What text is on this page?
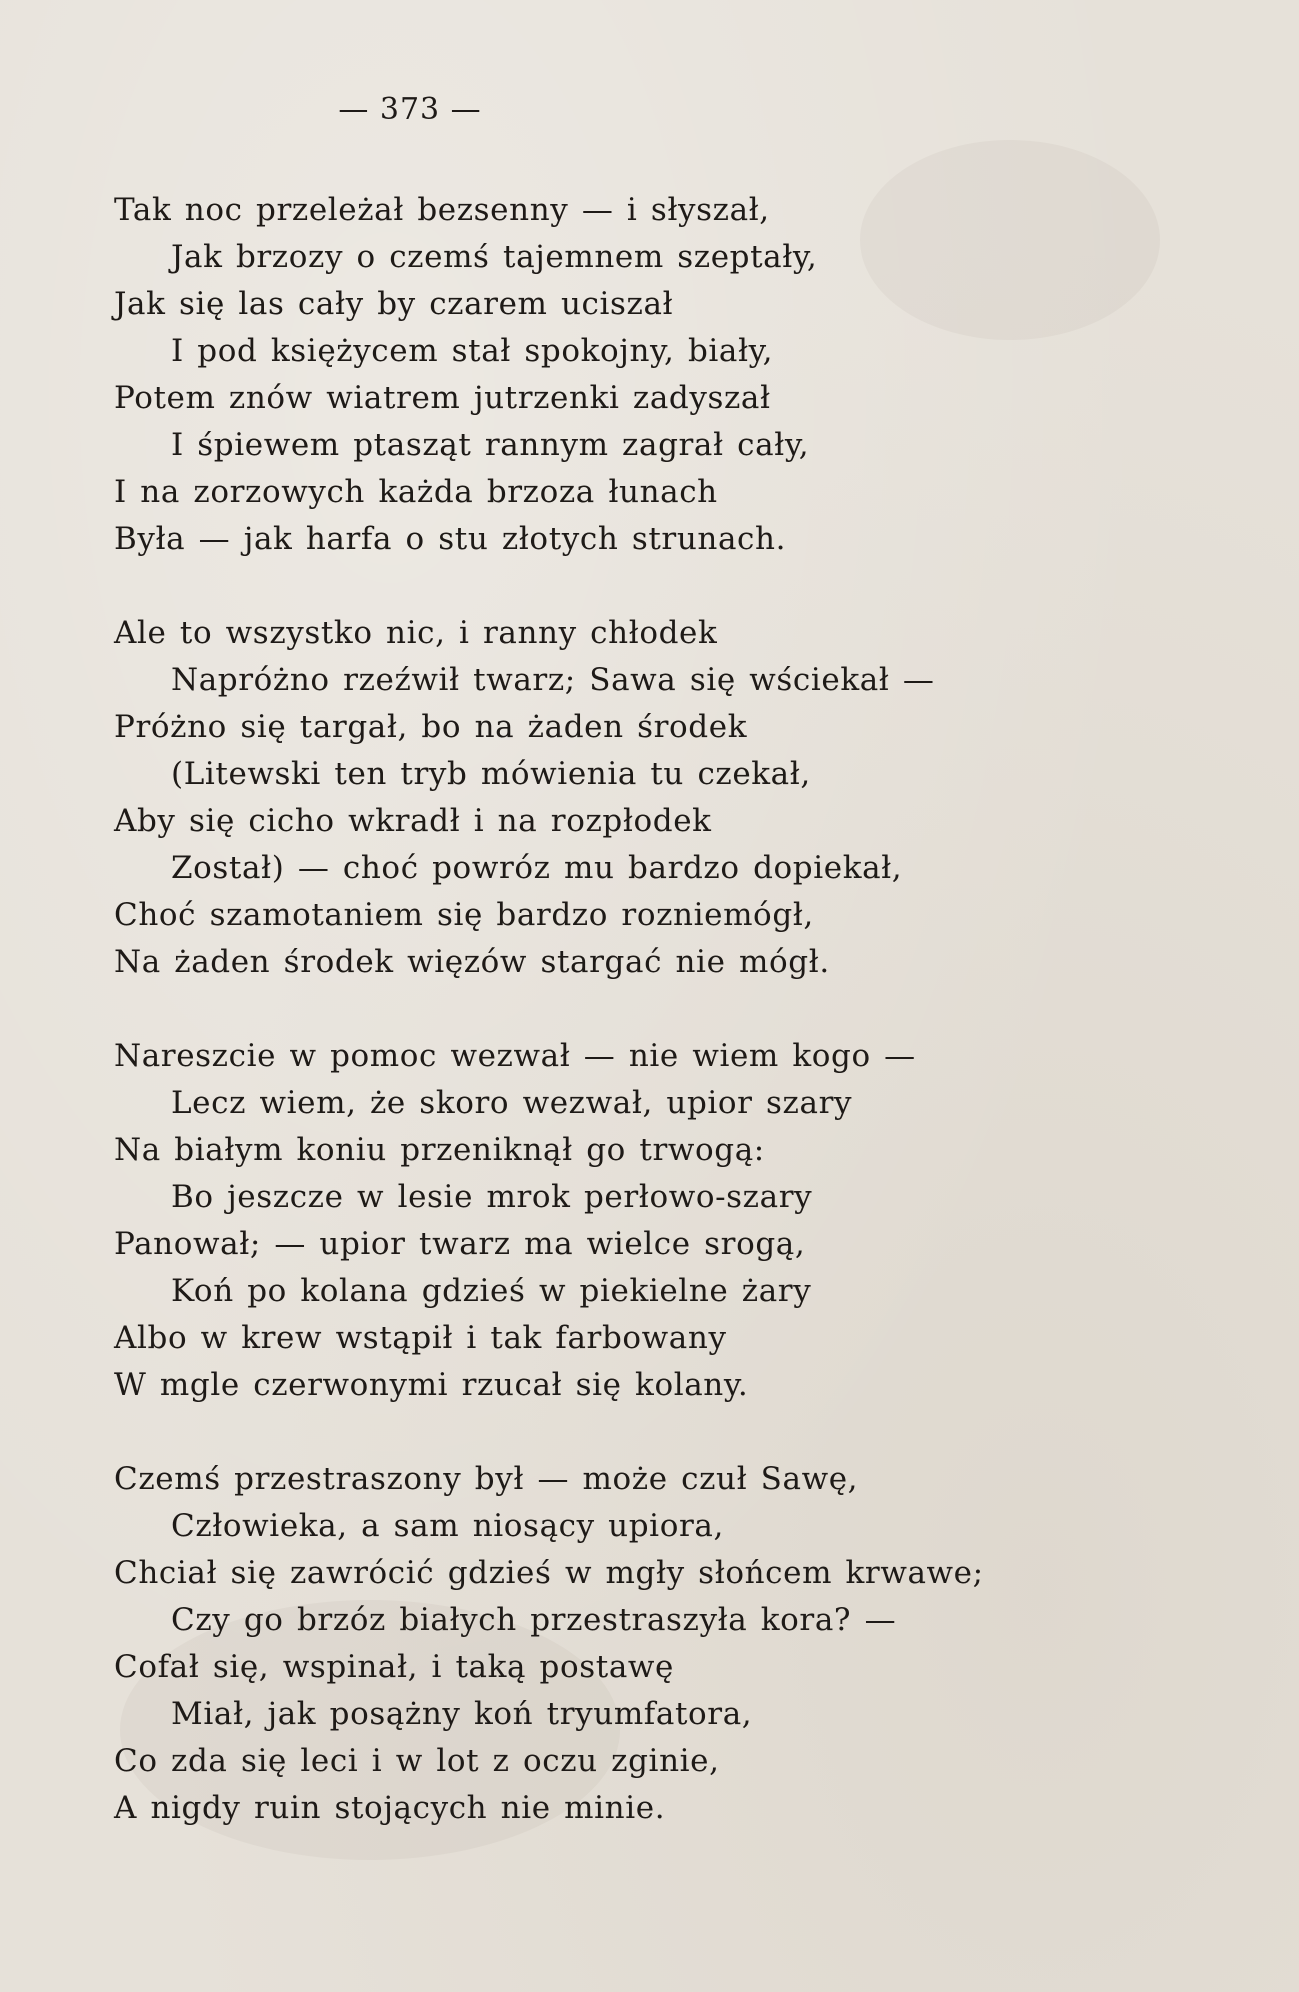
— 373 —
Tak noc przeleżał bezsenny — i słyszał,
Jak brzozy o czemś tajemnem szeptały,
Jak się las cały by czarem uciszał
I pod księżycem stał spokojny, biały,
Potem znów wiatrem jutrzenki zadyszał
I śpiewem ptasząt rannym zagrał cały,
I na zorzowych każda brzoza łunach
Była — jak harfa o stu złotych strunach.
Ale to wszystko nic, i ranny chłodek
Napróżno rzeźwił twarz; Sawa się wściekał —
Próżno się targał, bo na żaden środek
(Litewski ten tryb mówienia tu czekał,
Aby się cicho wkradł i na rozpłodek
Został) — choć powróz mu bardzo dopiekał,
Choć szamotaniem się bardzo rozniemógł,
Na żaden środek więzów stargać nie mógł.
Nareszcie w pomoc wezwał — nie wiem kogo —
Lecz wiem, że skoro wezwał, upior szary
Na białym koniu przeniknął go trwogą:
Bo jeszcze w lesie mrok perłowo-szary
Panował; — upior twarz ma wielce srogą,
Koń po kolana gdzieś w piekielne żary
Albo w krew wstąpił i tak farbowany
W mgle czerwonymi rzucał się kolany.
Czemś przestraszony był — może czuł Sawę,
Człowieka, a sam niosący upiora,
Chciał się zawrócić gdzieś w mgły słońcem krwawe;
Czy go brzóz białych przestraszyła kora? —
Cofał się, wspinał, i taką postawę
Miał, jak posążny koń tryumfatora,
Co zda się leci i w lot z oczu zginie,
A nigdy ruin stojących nie minie.
